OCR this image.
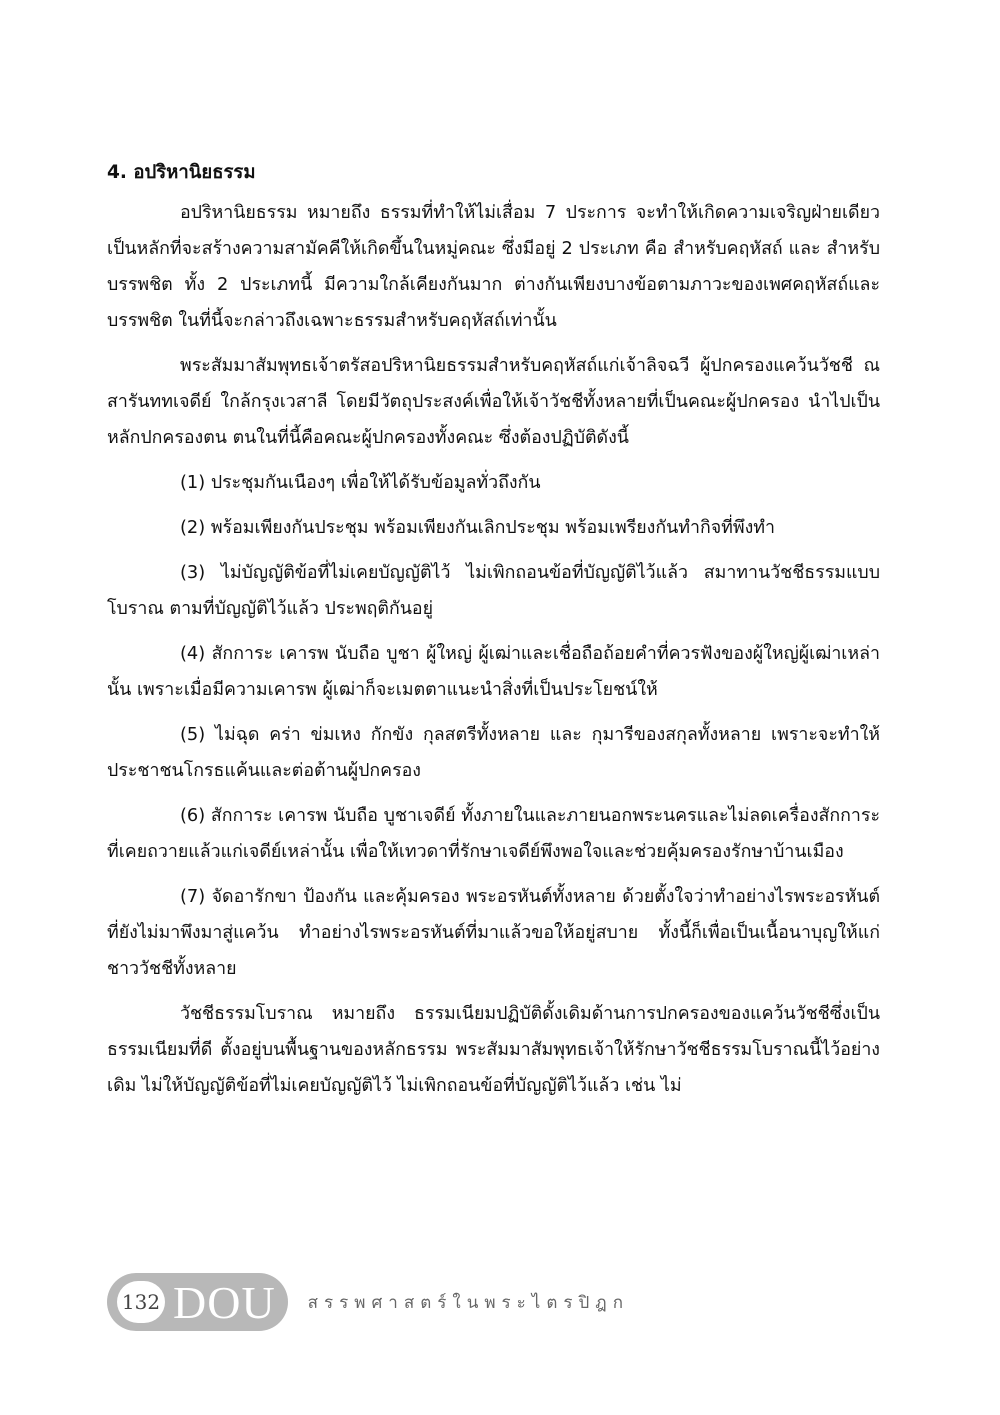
4. อปริหานิยธรรม

อปริหานิยธรรม หมายถึง ธรรมที่ทำให้ไม่เสื่อม 7 ประการ จะทำให้เกิดความเจริญฝ่ายเดียว เป็นหลักที่จะสร้างความสามัคคีให้เกิดขึ้นในหมู่คณะ ซึ่งมีอยู่ 2 ประเภท คือ สำหรับคฤหัสถ์ และ สำหรับบรรพชิต ทั้ง 2 ประเภทนี้ มีความใกล้เคียงกันมาก ต่างกันเพียงบางข้อตามภาวะของเพศคฤหัสถ์และบรรพชิต ในที่นี้จะกล่าวถึงเฉพาะธรรมสำหรับคฤหัสถ์เท่านั้น

พระสัมมาสัมพุทธเจ้าตรัสอปริหานิยธรรมสำหรับคฤหัสถ์แก่เจ้าลิจฉวี ผู้ปกครองแคว้นวัชชี ณ สารันททเจดีย์ ใกล้กรุงเวสาลี โดยมีวัตถุประสงค์เพื่อให้เจ้าวัชชีทั้งหลายที่เป็นคณะผู้ปกครอง นำไปเป็นหลักปกครองตน ตนในที่นี้คือคณะผู้ปกครองทั้งคณะ ซึ่งต้องปฏิบัติดังนี้

(1) ประชุมกันเนืองๆ เพื่อให้ได้รับข้อมูลทั่วถึงกัน

(2) พร้อมเพียงกันประชุม พร้อมเพียงกันเลิกประชุม พร้อมเพรียงกันทำกิจที่พึงทำ

(3) ไม่บัญญัติข้อที่ไม่เคยบัญญัติไว้ ไม่เพิกถอนข้อที่บัญญัติไว้แล้ว สมาทานวัชชีธรรมแบบโบราณ ตามที่บัญญัติไว้แล้ว ประพฤติกันอยู่

(4) สักการะ เคารพ นับถือ บูชา ผู้ใหญ่ ผู้เฒ่าและเชื่อถือถ้อยคำที่ควรฟังของผู้ใหญ่ผู้เฒ่าเหล่านั้น เพราะเมื่อมีความเคารพ ผู้เฒ่าก็จะเมตตาแนะนำสิ่งที่เป็นประโยชน์ให้

(5) ไม่ฉุด คร่า ข่มเหง กักขัง กุลสตรีทั้งหลาย และ กุมารีของสกุลทั้งหลาย เพราะจะทำให้ประชาชนโกรธแค้นและต่อต้านผู้ปกครอง

(6) สักการะ เคารพ นับถือ บูชาเจดีย์ ทั้งภายในและภายนอกพระนครและไม่ลดเครื่องสักการะที่เคยถวายแล้วแก่เจดีย์เหล่านั้น เพื่อให้เทวดาที่รักษาเจดีย์พึงพอใจและช่วยคุ้มครองรักษาบ้านเมือง

(7) จัดอารักขา ป้องกัน และคุ้มครอง พระอรหันต์ทั้งหลาย ด้วยตั้งใจว่าทำอย่างไรพระอรหันต์ที่ยังไม่มาพึงมาสู่แคว้น ทำอย่างไรพระอรหันต์ที่มาแล้วขอให้อยู่สบาย ทั้งนี้ก็เพื่อเป็นเนื้อนาบุญให้แก่ชาววัชชีทั้งหลาย

วัชชีธรรมโบราณ หมายถึง ธรรมเนียมปฏิบัติดั้งเดิมด้านการปกครองของแคว้นวัชชีซึ่งเป็นธรรมเนียมที่ดี ตั้งอยู่บนพื้นฐานของหลักธรรม พระสัมมาสัมพุทธเจ้าให้รักษาวัชชีธรรมโบราณนี้ไว้อย่างเดิม ไม่ให้บัญญัติข้อที่ไม่เคยบัญญัติไว้ ไม่เพิกถอนข้อที่บัญญัติไว้แล้ว เช่น ไม่

132 DOU สรรพศาสตร์ในพระไตรปิฎก
